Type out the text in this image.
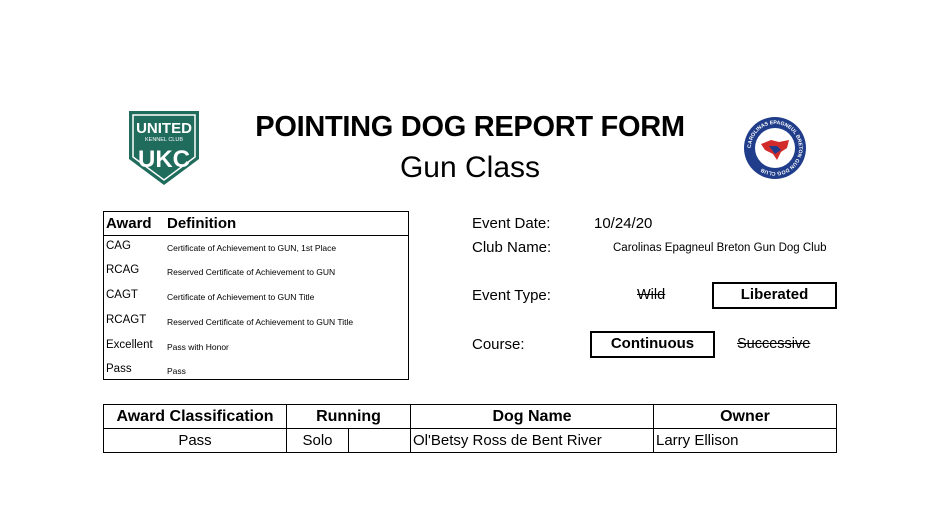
UNITED
KENNEL CLUB
UKC
POINTING DOG REPORT FORM
Gun Class
CAROLINAS EPAGNEUL BRETON GUN DOG CLUB
Award Definition
CAG	Certificate of Achievement to GUN, 1st Place
RCAG	Reserved Certificate of Achievement to GUN
CAGT	Certificate of Achievement to GUN Title
RCAGT Reserved Certificate of Achievement to GUN Title
Excellent Pass with Honor
Pass	Pass
Event Date:	10/24/20
Club Name:	Carolinas Epagneul Breton Gun Dog Club
Event Type:	Wild	Liberated
Course:	Continuous	Successive
Award Classification	Running		Dog Name	Owner
Pass	Solo		Ol'Betsy Ross de Bent River	Larry Ellison
